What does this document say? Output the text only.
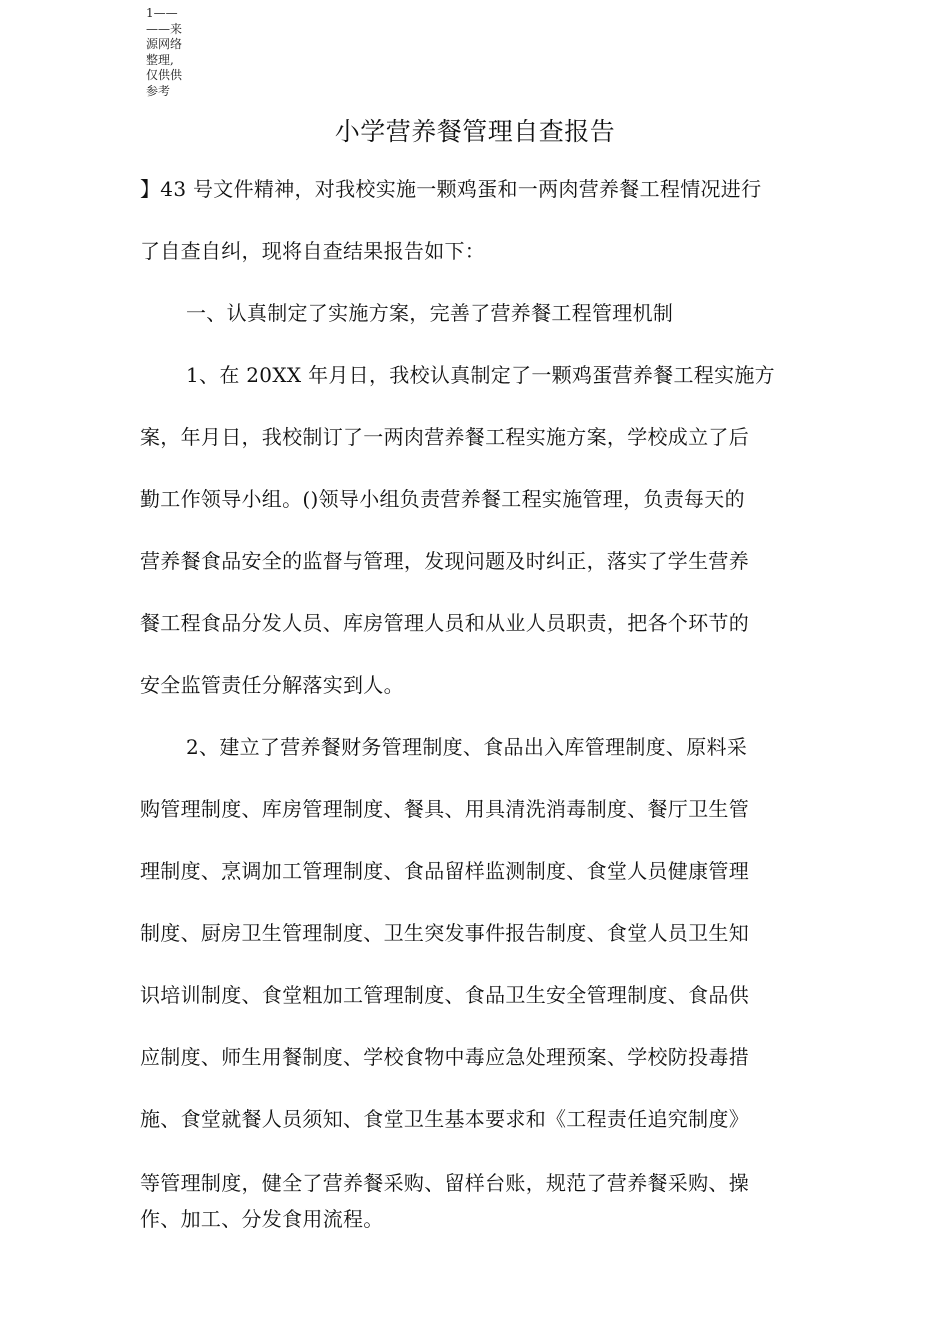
1——
——来
源网络
整理,
仅供供
参考
小学营养餐管理自查报告
】43 号文件精神，对我校实施一颗鸡蛋和一两肉营养餐工程情况进行
了自查自纠，现将自查结果报告如下：
一、认真制定了实施方案，完善了营养餐工程管理机制
1、在 20XX 年月日，我校认真制定了一颗鸡蛋营养餐工程实施方
案，年月日，我校制订了一两肉营养餐工程实施方案，学校成立了后
勤工作领导小组。()领导小组负责营养餐工程实施管理，负责每天的
营养餐食品安全的监督与管理，发现问题及时纠正，落实了学生营养
餐工程食品分发人员、库房管理人员和从业人员职责，把各个环节的
安全监管责任分解落实到人。
2、建立了营养餐财务管理制度、食品出入库管理制度、原料采
购管理制度、库房管理制度、餐具、用具清洗消毒制度、餐厅卫生管
理制度、烹调加工管理制度、食品留样监测制度、食堂人员健康管理
制度、厨房卫生管理制度、卫生突发事件报告制度、食堂人员卫生知
识培训制度、食堂粗加工管理制度、食品卫生安全管理制度、食品供
应制度、师生用餐制度、学校食物中毒应急处理预案、学校防投毒措
施、食堂就餐人员须知、食堂卫生基本要求和《工程责任追究制度》
等管理制度，健全了营养餐采购、留样台账，规范了营养餐采购、操
作、加工、分发食用流程。
